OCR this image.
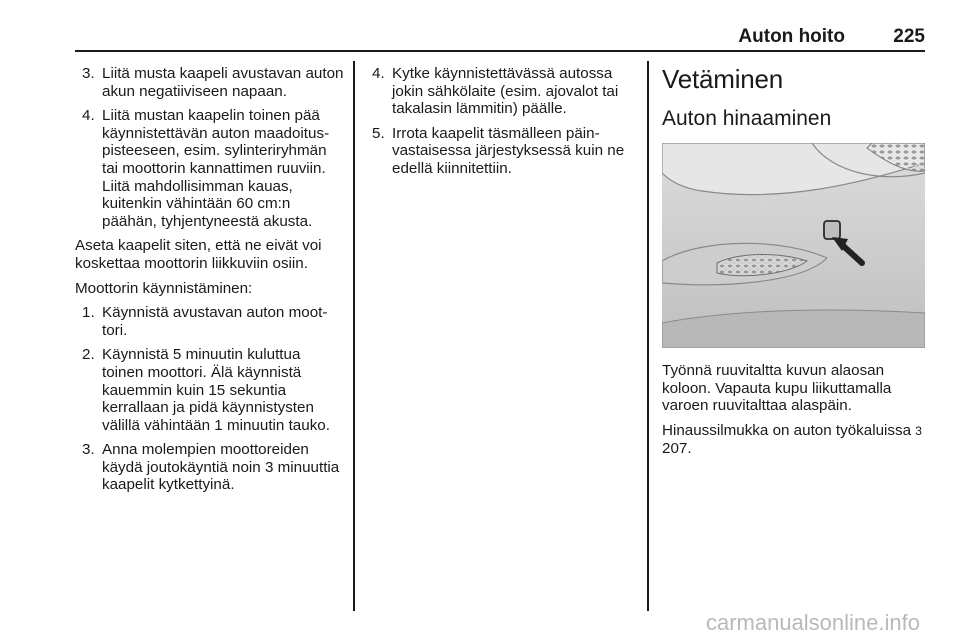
Auton hoito	225
3. Liitä musta kaapeli avustavan auton akun negatiiviseen napaan.
4. Liitä mustan kaapelin toinen pää käynnistettävän auton maadoituspisteeseen, esim. sylinteriryhmän tai moottorin kannattimen ruuviin. Liitä mahdollisimman kauas, kuitenkin vähintään 60 cm:n päähän, tyhjentyneestä akusta.
Aseta kaapelit siten, että ne eivät voi koskettaa moottorin liikkuviin osiin.
Moottorin käynnistäminen:
1. Käynnistä avustavan auton moottori.
2. Käynnistä 5 minuutin kuluttua toinen moottori. Älä käynnistä kauemmin kuin 15 sekuntia kerrallaan ja pidä käynnistysten välillä vähintään 1 minuutin tauko.
3. Anna molempien moottoreiden käydä joutokäyntiä noin 3 minuuttia kaapelit kytkettyinä.
4. Kytke käynnistettävässä autossa jokin sähkölaite (esim. ajovalot tai takalasin lämmitin) päälle.
5. Irrota kaapelit täsmälleen päinvastaisessa järjestyksessä kuin ne edellä kiinnitettiin.
Vetäminen
Auton hinaaminen
Työnnä ruuvitaltta kuvun alaosan koloon. Vapauta kupu liikuttamalla varoen ruuvitalttaa alaspäin.
Hinaussilmukka on auton työkaluissa 3 207.
carmanualsonline.info
